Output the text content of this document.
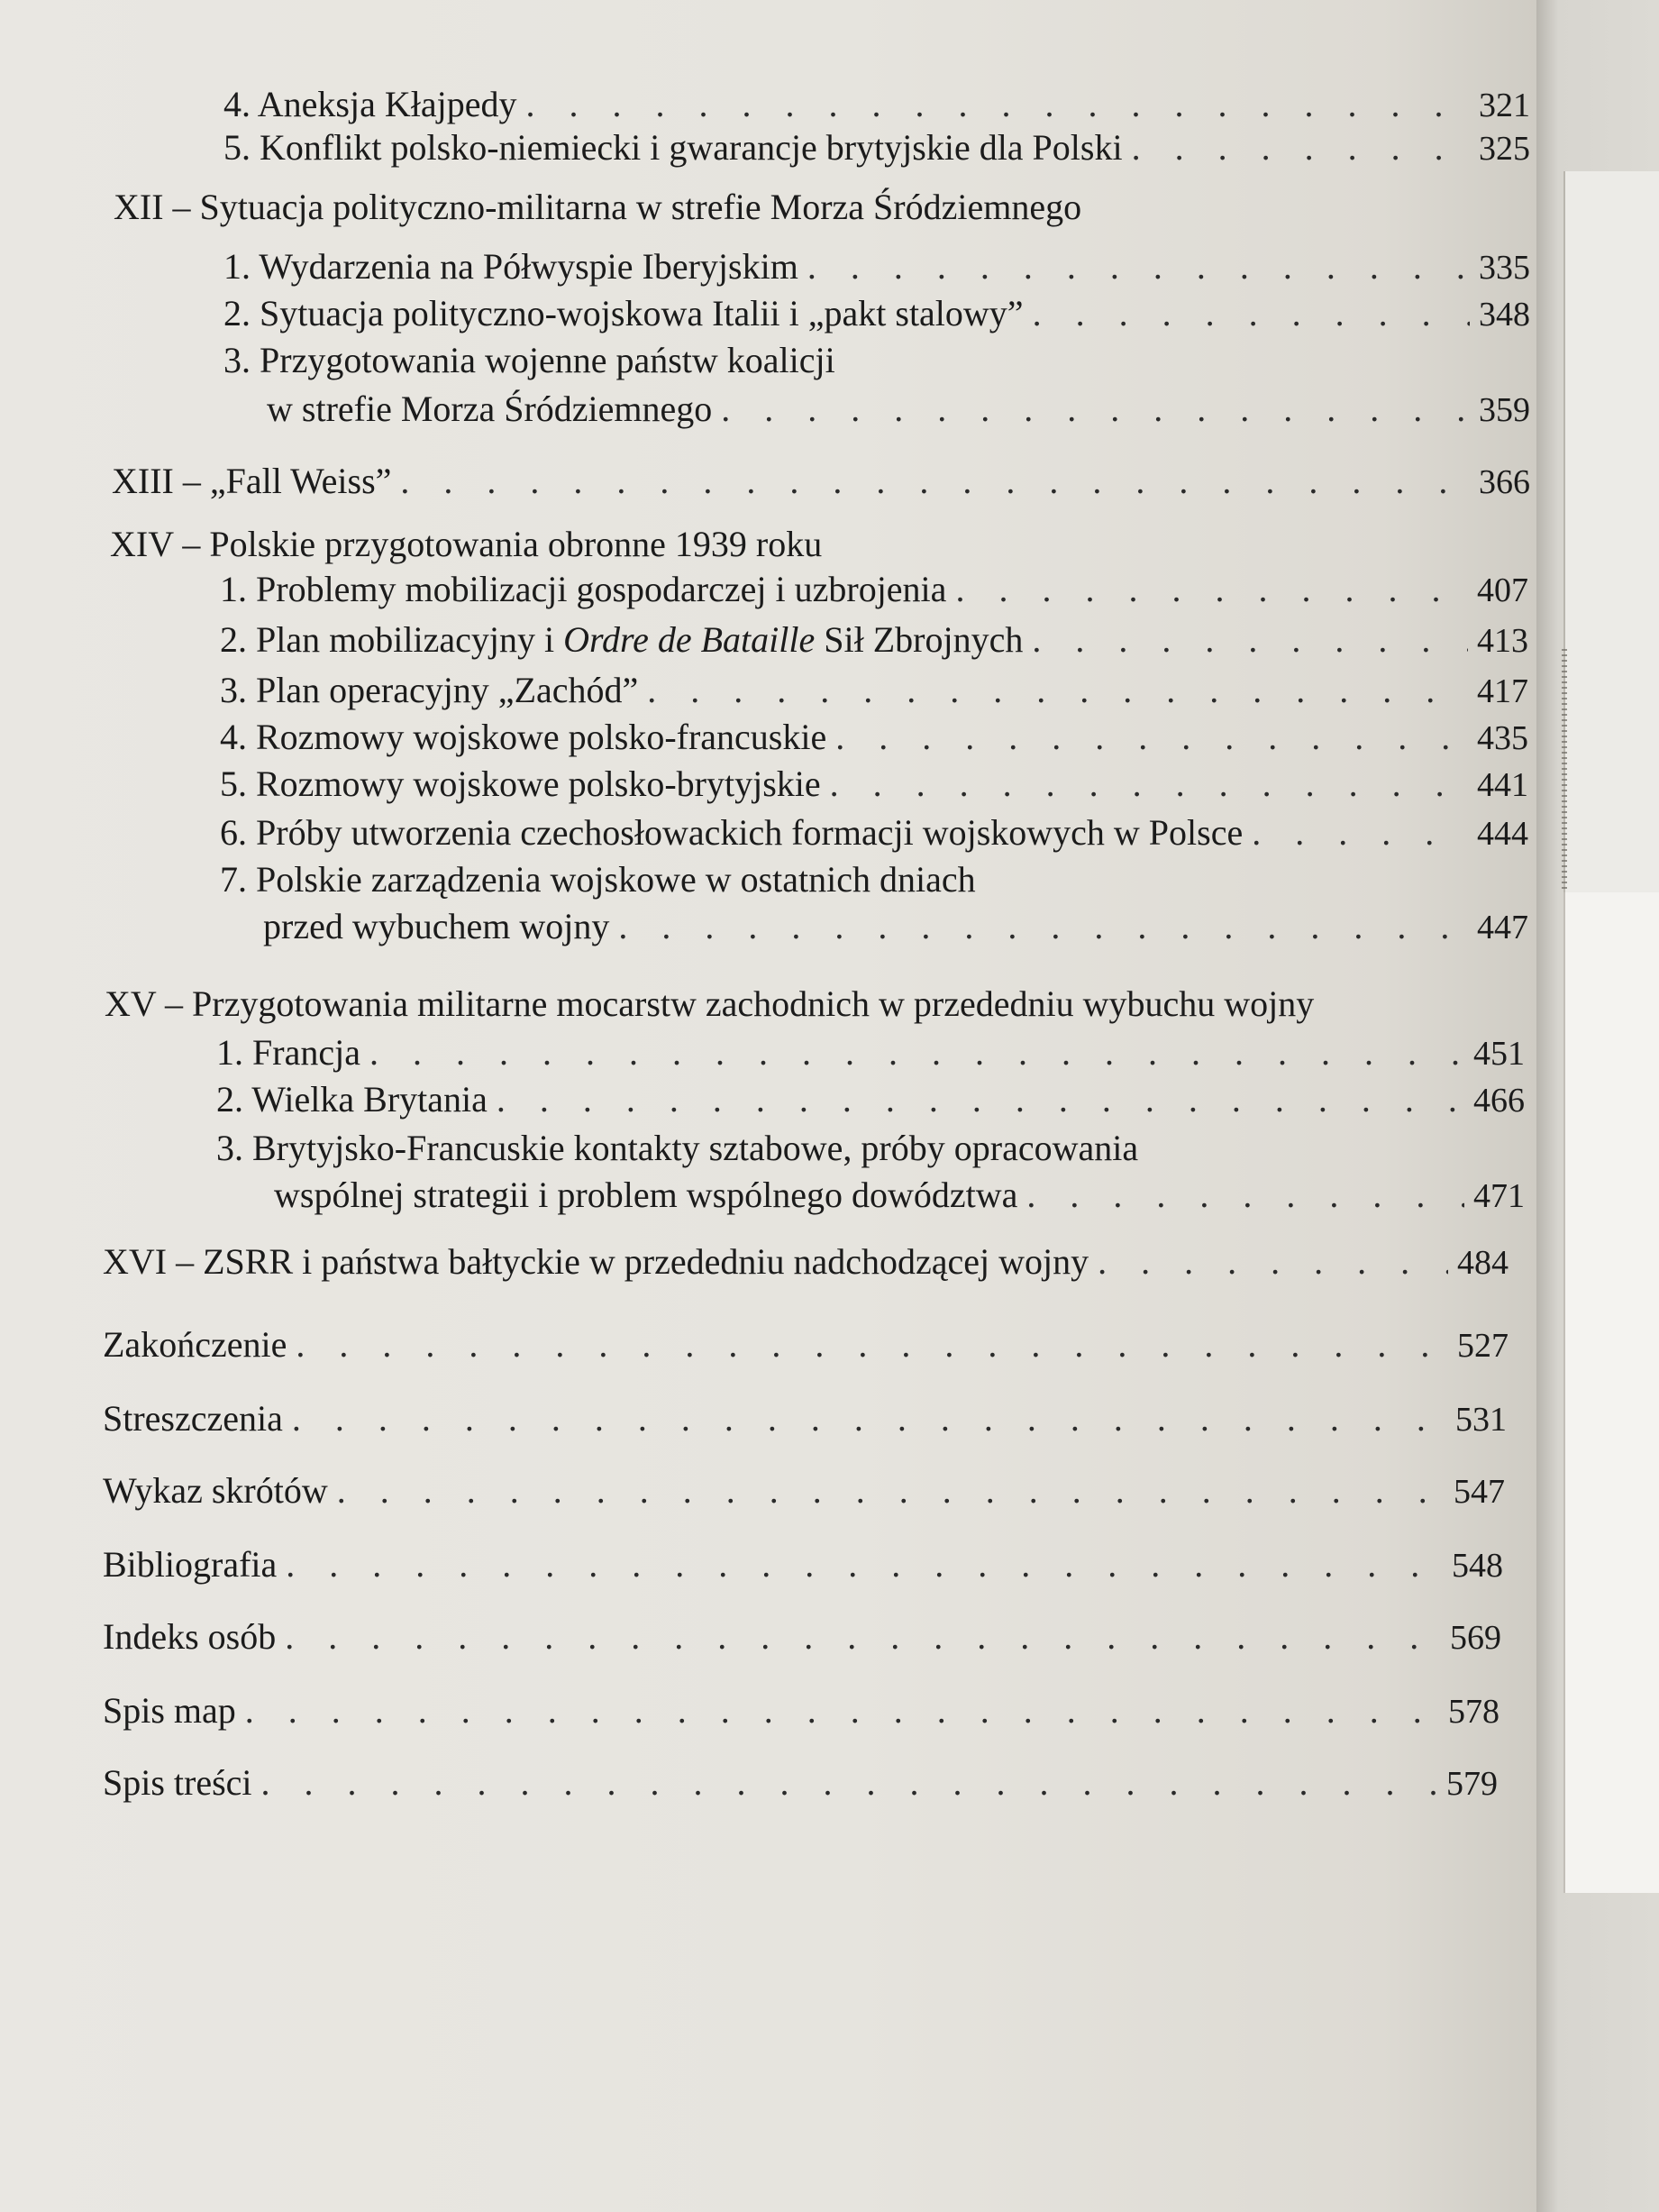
4. Aneksja Kłajpedy . . .	321
5. Konflikt polsko-niemiecki i gwarancje brytyjskie dla Polski . . .	325
XII – Sytuacja polityczno-militarna w strefie Morza Śródziemnego
1. Wydarzenia na Półwyspie Iberyjskim . . .	335
2. Sytuacja polityczno-wojskowa Italii i „pakt stalowy” . . .	348
3. Przygotowania wojenne państw koalicji
w strefie Morza Śródziemnego . . .	359
XIII – „Fall Weiss” . . .	366
XIV – Polskie przygotowania obronne 1939 roku
1. Problemy mobilizacji gospodarczej i uzbrojenia . . .	407
2. Plan mobilizacyjny i Ordre de Bataille Sił Zbrojnych . . .	413
3. Plan operacyjny „Zachód” . . .	417
4. Rozmowy wojskowe polsko-francuskie . . .	435
5. Rozmowy wojskowe polsko-brytyjskie . . .	441
6. Próby utworzenia czechosłowackich formacji wojskowych w Polsce . . .	444
7. Polskie zarządzenia wojskowe w ostatnich dniach
przed wybuchem wojny . . .	447
XV – Przygotowania militarne mocarstw zachodnich w przededniu wybuchu wojny
1. Francja . . .	451
2. Wielka Brytania . . .	466
3. Brytyjsko-Francuskie kontakty sztabowe, próby opracowania
wspólnej strategii i problem wspólnego dowództwa . . .	471
XVI – ZSRR i państwa bałtyckie w przededniu nadchodzącej wojny . . .	484
Zakończenie . . .	527
Streszczenia . . .	531
Wykaz skrótów . . .	547
Bibliografia . . .	548
Indeks osób . . .	569
Spis map . . .	578
Spis treści . . .	579
